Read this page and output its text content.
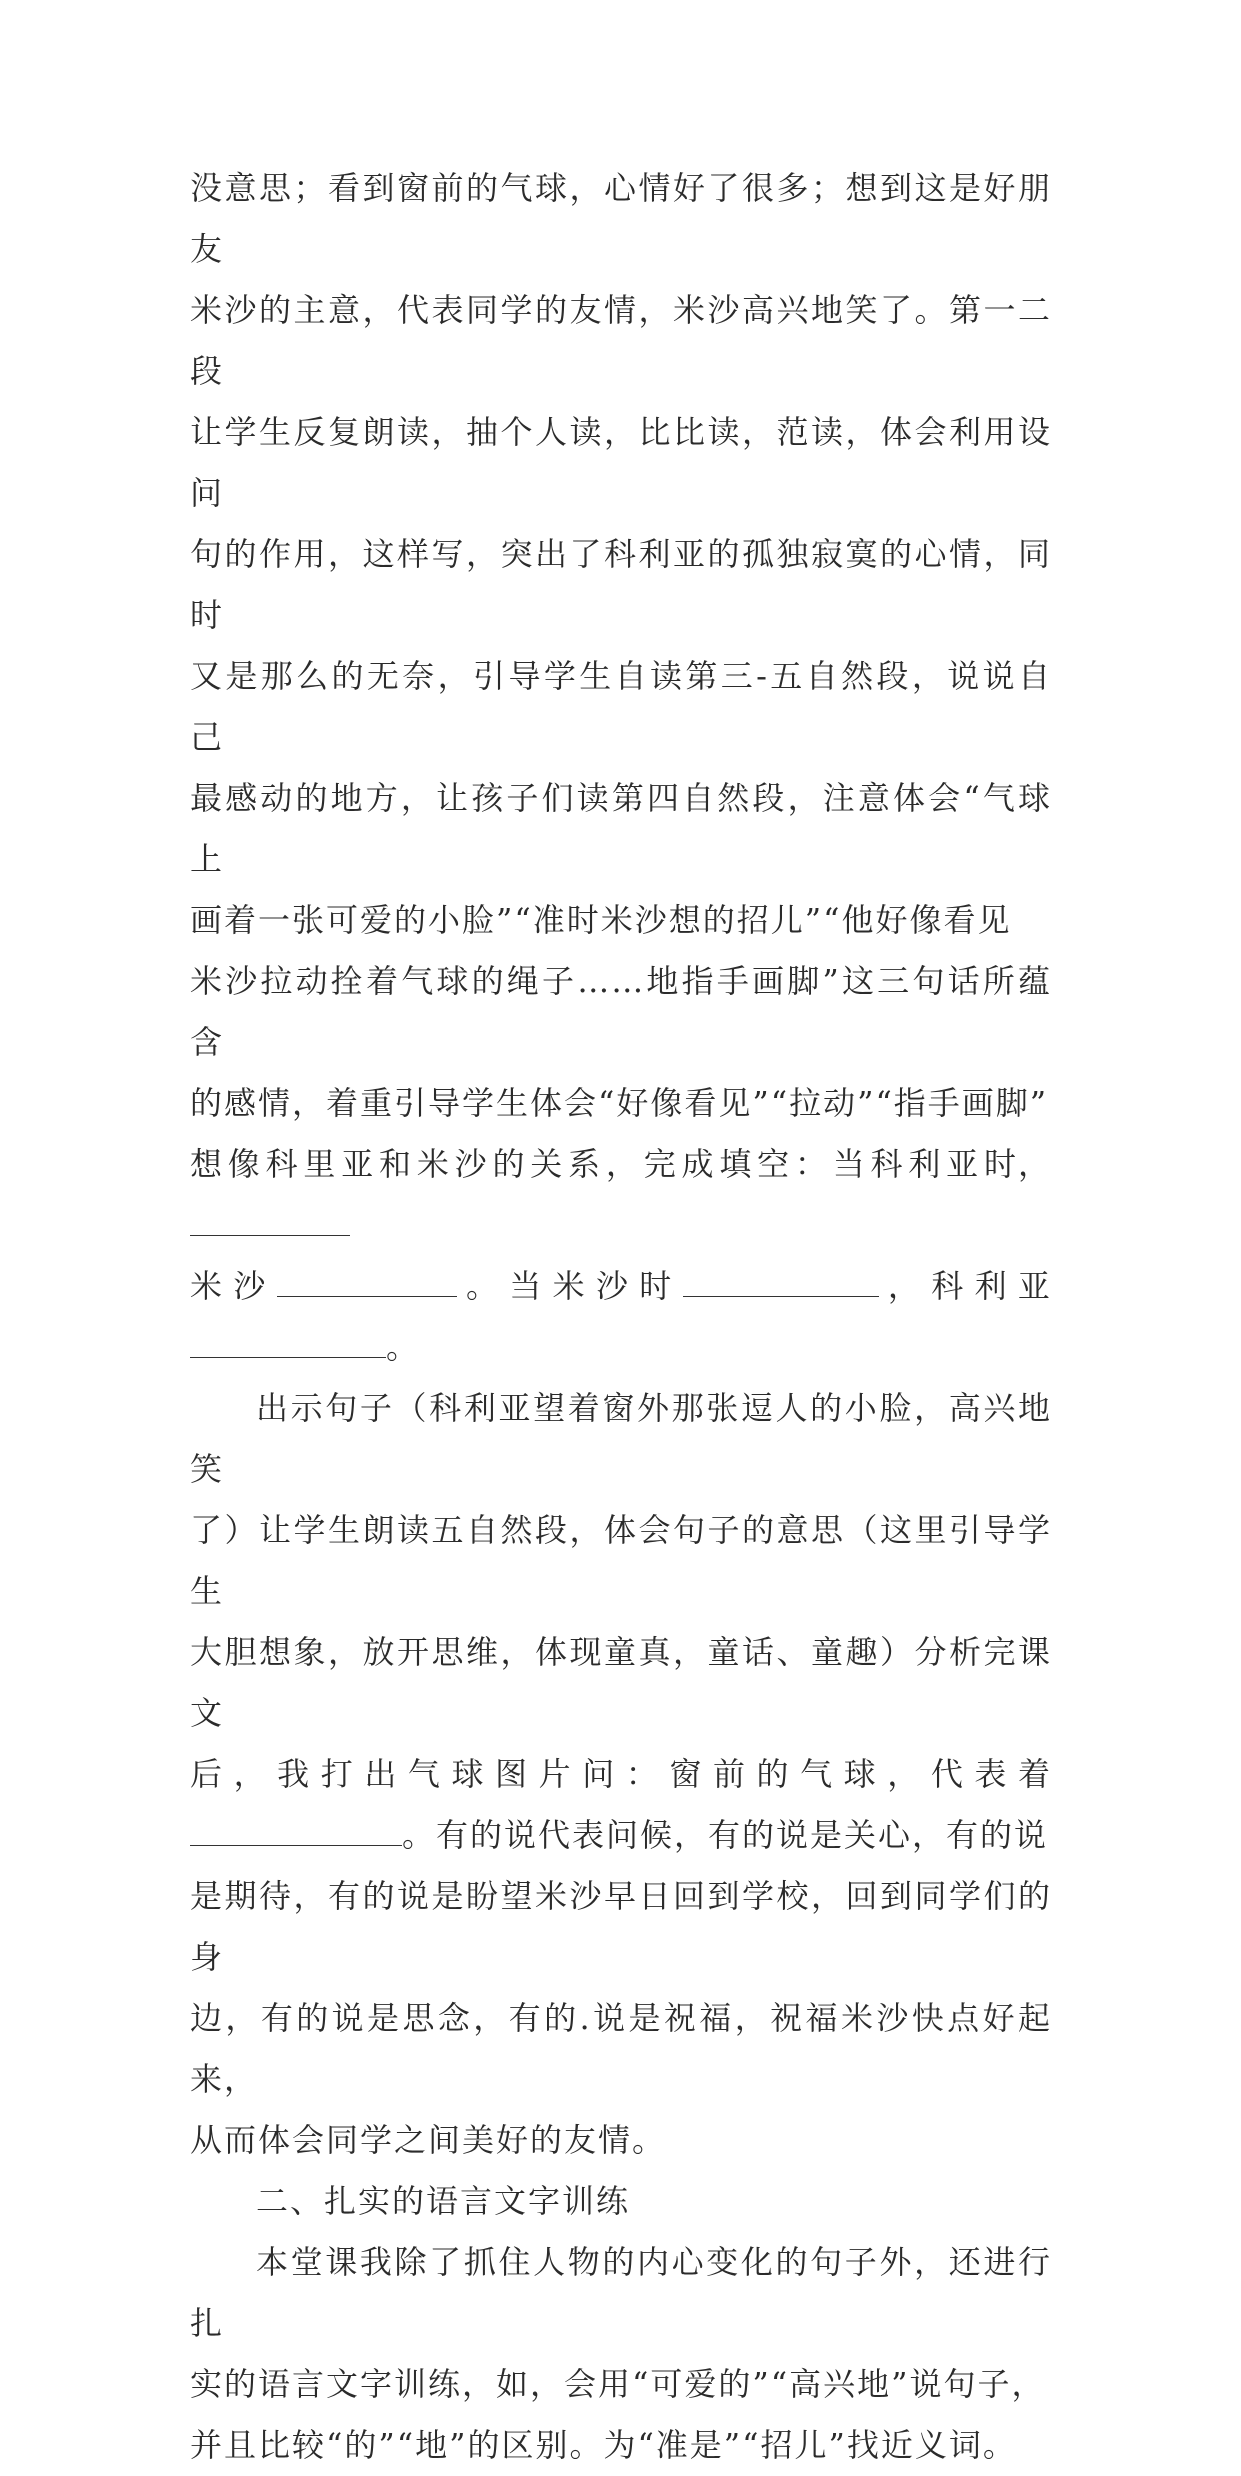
没意思；看到窗前的气球，心情好了很多；想到这是好朋友
米沙的主意，代表同学的友情，米沙高兴地笑了。第一二段
让学生反复朗读，抽个人读，比比读，范读，体会利用设问
句的作用，这样写，突出了科利亚的孤独寂寞的心情，同时
又是那么的无奈，引导学生自读第三-五自然段，说说自己
最感动的地方，让孩子们读第四自然段，注意体会“气球上
画着一张可爱的小脸”“准时米沙想的招儿”“他好像看见
米沙拉动拴着气球的绳子……地指手画脚”这三句话所蕴含
的感情，着重引导学生体会“好像看见”“拉动”“指手画脚”
想像科里亚和米沙的关系，完成填空：当科利亚时 ，
米 沙	。 当 米 沙 时	， 科 利 亚
。
出示句子（科利亚望着窗外那张逗人的小脸，高兴地笑
了）让学生朗读五自然段，体会句子的意思（这里引导学生
大胆想象，放开思维，体现童真，童话、童趣）分析完课文
后 ， 我 打 出 气 球 图 片 问 ： 窗 前 的 气 球 ， 代 表 着
。有的说代表问候，有的说是关心，有的说
是期待，有的说是盼望米沙早日回到学校，回到同学们的身
边，有的说是思念，有的.说是祝福，祝福米沙快点好起来，
从而体会同学之间美好的友情。
二、扎实的语言文字训练
本堂课我除了抓住人物的内心变化的句子外，还进行扎
实的语言文字训练，如，会用“可爱的”“高兴地”说句子，
并且比较“的”“地”的区别。为“准是”“招儿”找近义词。
